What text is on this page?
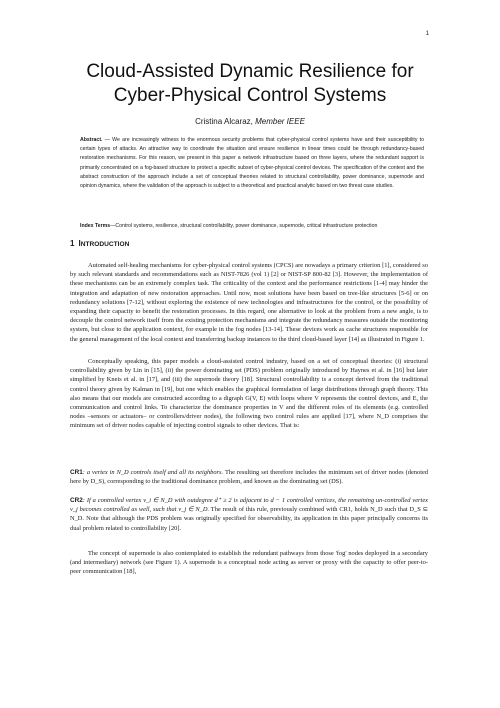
1
Cloud-Assisted Dynamic Resilience for
Cyber-Physical Control Systems
Cristina Alcaraz, Member IEEE
Abstract. — We are increasingly witness to the enormous security problems that cyber-physical control systems have and their susceptibility to certain types of attacks. An attractive way to coordinate the situation and ensure resilience in linear times could be through redundancy-based restoration mechanisms. For this reason, we present in this paper a network infrastructure based on three layers, where the redundant support is primarily concentrated on a fog-based structure to protect a specific subset of cyber-physical control devices. The specification of the context and the abstract construction of the approach include a set of conceptual theories related to structural controllability, power dominance, supernode and opinion dynamics, where the validation of the approach is subject to a theoretical and practical analytic based on two threat case studies.
Index Terms—Control systems, resilience, structural controllability, power dominance, supernode, critical infrastructure protection
1 INTRODUCTION

Automated self-healing mechanisms for cyber-physical control systems (CPCS) are nowadays a primary criterion [1], considered so by such relevant standards and recommendations such as NIST-7826 (vol 1) [2] or NIST-SP 800-82 [3]. However, the implementation of these mechanisms can be an extremely complex task. The criticality of the context and the performance restrictions [1-4] may hinder the integration and adaptation of new restoration approaches. Until now, most solutions have been based on tree-like structures [5-6] or on redundancy solutions [7-12], without exploring the existence of new technologies and infrastructures for the control, or the possibility of expanding their capacity to benefit the restoration processes. In this regard, one alternative to look at the problem from a new angle, is to decouple the control network itself from the existing protection mechanisms and integrate the redundancy measures outside the monitoring system, but close to the application context, for example in the fog nodes [13-14]. These devices work as cache structures responsible for the general management of the local context and transferring backup instances to the third cloud-based layer [14] as illustrated in Figure 1.

Conceptually speaking, this paper models a cloud-assisted control industry, based on a set of conceptual theories: (i) structural controllability given by Lin in [15], (ii) the power dominating set (PDS) problem originally introduced by Haynes et al. in [16] but later simplified by Kneis et al. in [17], and (iii) the supernode theory [18]. Structural controllability is a concept derived from the traditional control theory given by Kalman in [19], but one which enables the graphical formulation of large distributions through graph theory. This also means that our models are constructed according to a digraph G(V, E) with loops where V represents the control devices, and E, the communication and control links. To characterize the dominance properties in V and the different roles of its elements (e.g. controlled nodes –sensors or actuators– or controllers/driver nodes), the following two control rules are applied [17], where N_D comprises the minimum set of driver nodes capable of injecting control signals to other devices. That is:

CR1: a vertex in N_D controls itself and all its neighbors. The resulting set therefore includes the minimum set of driver nodes (denoted here by D_S), corresponding to the traditional dominance problem, and known as the dominating set (DS).

CR2: If a controlled vertex v_i ∈ N_D with outdegree d⁺ ≥ 2 is adjacent to d − 1 controlled vertices, the remaining un-controlled vertex v_j becomes controlled as well, such that v_j ∈ N_D. The result of this rule, previously combined with CR1, holds N_D such that D_S ⊆ N_D. Note that although the PDS problem was originally specified for observability, its application in this paper principally concerns its dual problem related to controllability [20].

The concept of supernode is also contemplated to establish the redundant pathways from those 'fog' nodes deployed in a secondary (and intermediary) network (see Figure 1). A supernode is a conceptual node acting as server or proxy with the capacity to offer peer-to-peer communication [18],
